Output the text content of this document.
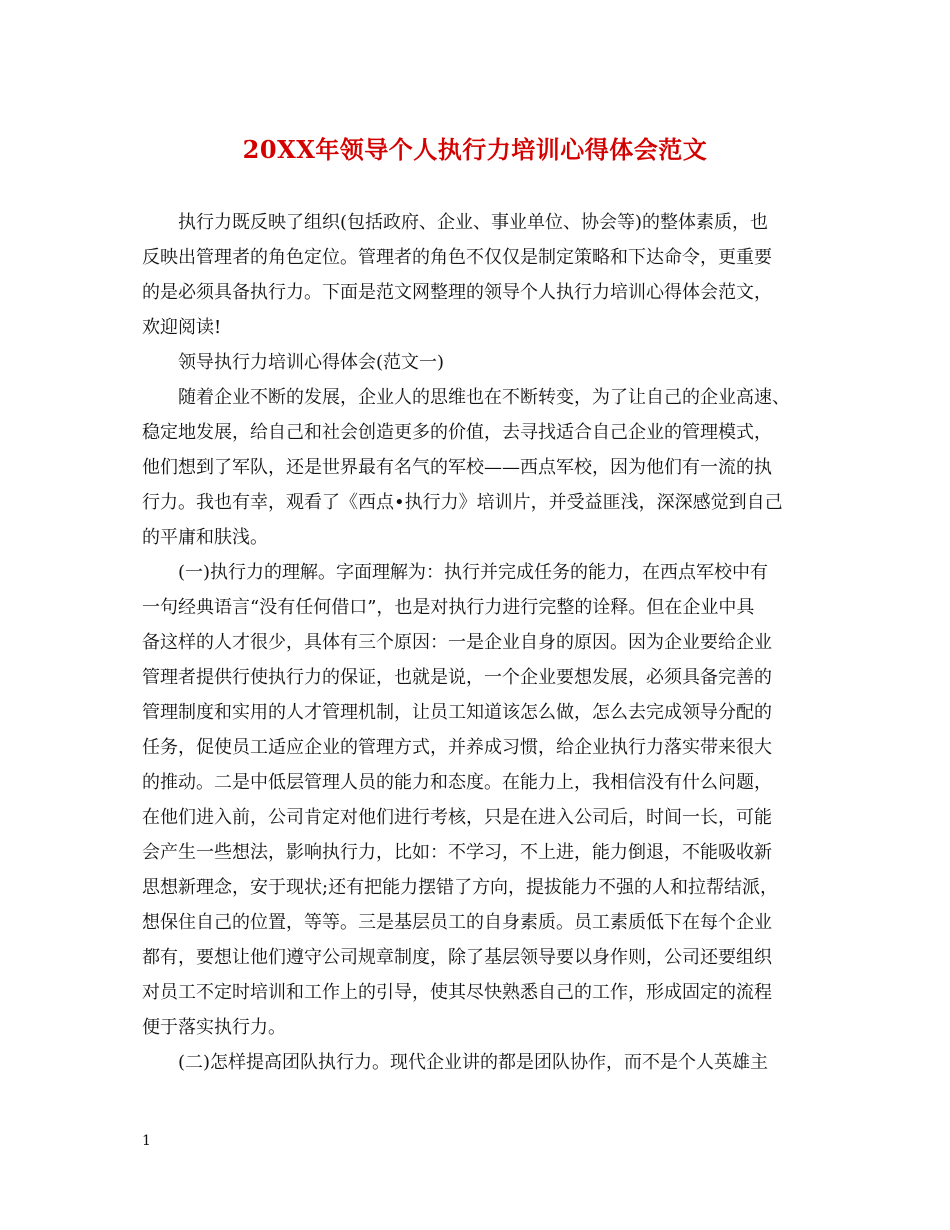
20XX年领导个人执行力培训心得体会范文
执行力既反映了组织(包括政府、企业、事业单位、协会等)的整体素质，也
反映出管理者的角色定位。管理者的角色不仅仅是制定策略和下达命令，更重要
的是必须具备执行力。下面是范文网整理的领导个人执行力培训心得体会范文，
欢迎阅读!
领导执行力培训心得体会(范文一)
随着企业不断的发展，企业人的思维也在不断转变，为了让自己的企业高速、
稳定地发展，给自己和社会创造更多的价值，去寻找适合自己企业的管理模式，
他们想到了军队，还是世界最有名气的军校——西点军校，因为他们有一流的执
行力。我也有幸，观看了《西点•执行力》培训片，并受益匪浅，深深感觉到自己
的平庸和肤浅。
(一)执行力的理解。字面理解为：执行并完成任务的能力，在西点军校中有
一句经典语言“没有任何借口”，也是对执行力进行完整的诠释。但在企业中具
备这样的人才很少，具体有三个原因：一是企业自身的原因。因为企业要给企业
管理者提供行使执行力的保证，也就是说，一个企业要想发展，必须具备完善的
管理制度和实用的人才管理机制，让员工知道该怎么做，怎么去完成领导分配的
任务，促使员工适应企业的管理方式，并养成习惯，给企业执行力落实带来很大
的推动。二是中低层管理人员的能力和态度。在能力上，我相信没有什么问题，
在他们进入前，公司肯定对他们进行考核，只是在进入公司后，时间一长，可能
会产生一些想法，影响执行力，比如：不学习，不上进，能力倒退，不能吸收新
思想新理念，安于现状;还有把能力摆错了方向，提拔能力不强的人和拉帮结派，
想保住自己的位置，等等。三是基层员工的自身素质。员工素质低下在每个企业
都有，要想让他们遵守公司规章制度，除了基层领导要以身作则，公司还要组织
对员工不定时培训和工作上的引导，使其尽快熟悉自己的工作，形成固定的流程
便于落实执行力。
(二)怎样提高团队执行力。现代企业讲的都是团队协作，而不是个人英雄主
1
